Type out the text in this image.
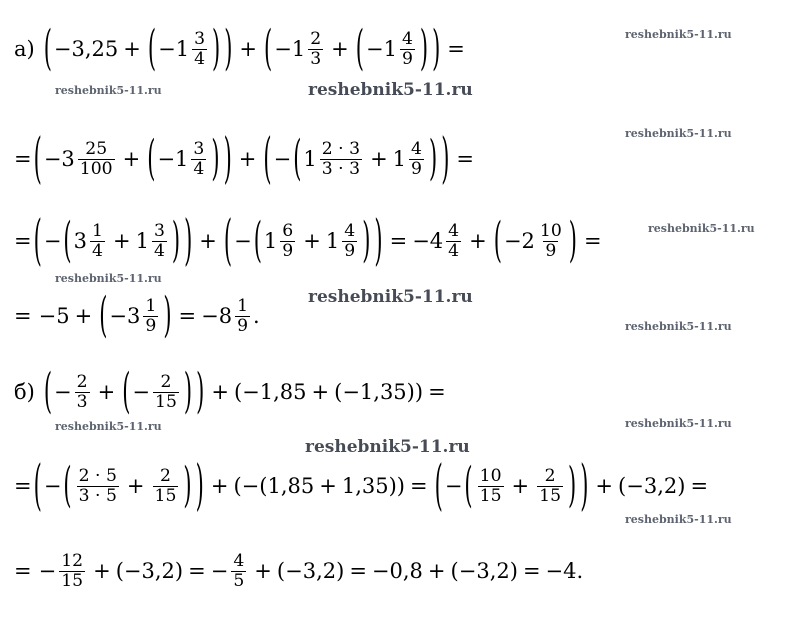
reshebnik5-11.ru
reshebnik5-11.ru	reshebnik5-11.ru
reshebnik5-11.ru
reshebnik5-11.ru
reshebnik5-11.ru
reshebnik5-11.ru
reshebnik5-11.ru
reshebnik5-11.ru	reshebnik5-11.ru
reshebnik5-11.ru
reshebnik5-11.ru
а) ( −3,25 + ( $-1 \frac{3}{4}$ ) ) + ( $-1 \frac{2}{3}$ + ( $-1 \frac{4}{9}$ ) ) =
= ( $-3 \frac{25}{100}$ + ( $-1 \frac{3}{4}$ ) ) + ( − ( $1 \frac{2 \cdot 3}{3 \cdot 3} + 1 \frac{4}{9}$ ) ) =
= ( − ( $3 \frac{1}{4} + 1 \frac{3}{4}$ ) ) + ( − ( $1 \frac{6}{9} + 1 \frac{4}{9}$ ) ) = $-4 \frac{4}{4}$ + ( $-2 \frac{10}{9}$ ) =
= −5 + ( $-3 \frac{1}{9}$ ) = $-8 \frac{1}{9}$ .
б) ( − $\frac{2}{3}$ + ( − $\frac{2}{15}$ ) ) + ( −1,85 + ( −1,35 ) ) =
= ( − ( $\frac{2 \cdot 5}{3 \cdot 5} + \frac{2}{15}$ ) ) + ( − ( 1,85 + 1,35 ) ) = ( − ( $\frac{10}{15} + \frac{2}{15}$ ) ) + ( −3,2 ) =
= − $\frac{12}{15}$ + ( −3,2 ) = − $\frac{4}{5}$ + ( −3,2 ) = −0,8 + ( −3,2 ) = −4.
